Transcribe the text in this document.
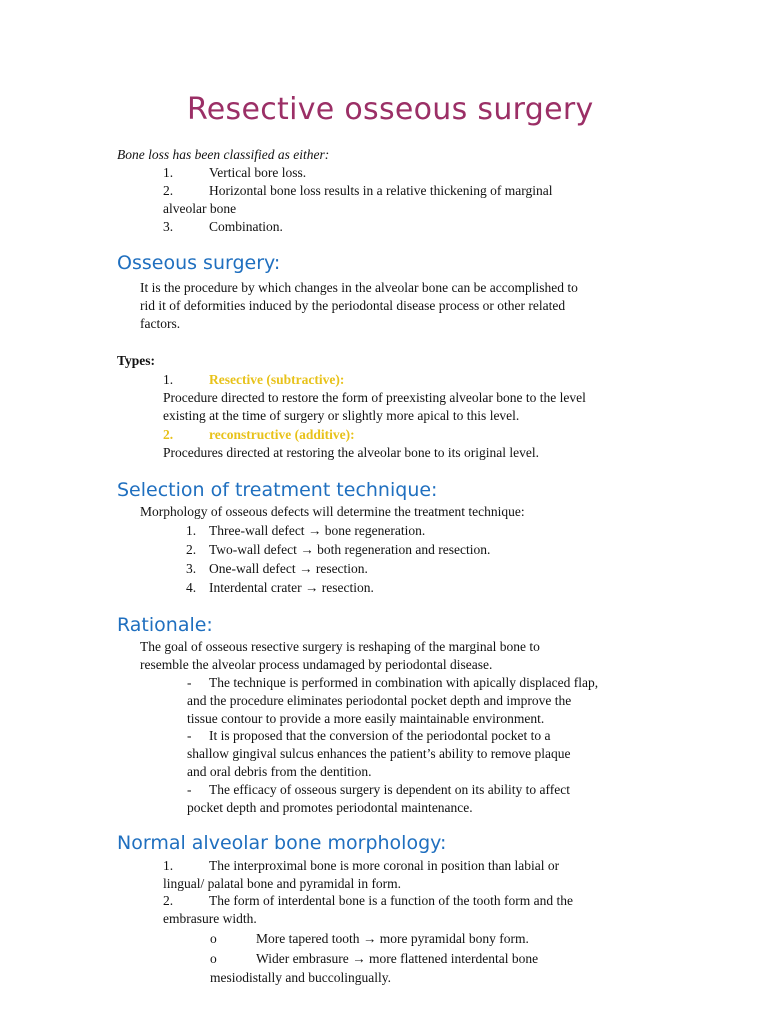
Resective osseous surgery
Bone loss has been classified as either:
1.	Vertical bore loss.
2.	Horizontal bone loss results in a relative thickening of marginal
alveolar bone
3.	Combination.
Osseous surgery:
It is the procedure by which changes in the alveolar bone can be accomplished to
rid it of deformities induced by the periodontal disease process or other related
factors.
Types:
1.	Resective (subtractive):
Procedure directed to restore the form of preexisting alveolar bone to the level
existing at the time of surgery or slightly more apical to this level.
2.	reconstructive (additive):
Procedures directed at restoring the alveolar bone to its original level.
Selection of treatment technique:
Morphology of osseous defects will determine the treatment technique:
1. Three-wall defect → bone regeneration.
2. Two-wall defect → both regeneration and resection.
3. One-wall defect → resection.
4. Interdental crater → resection.
Rationale:
The goal of osseous resective surgery is reshaping of the marginal bone to
resemble the alveolar process undamaged by periodontal disease.
- The technique is performed in combination with apically displaced flap,
and the procedure eliminates periodontal pocket depth and improve the
tissue contour to provide a more easily maintainable environment.
- It is proposed that the conversion of the periodontal pocket to a
shallow gingival sulcus enhances the patient’s ability to remove plaque
and oral debris from the dentition.
- The efficacy of osseous surgery is dependent on its ability to affect
pocket depth and promotes periodontal maintenance.
Normal alveolar bone morphology:
1.	The interproximal bone is more coronal in position than labial or
lingual/ palatal bone and pyramidal in form.
2.	The form of interdental bone is a function of the tooth form and the
embrasure width.
o	More tapered tooth → more pyramidal bony form.
o	Wider embrasure → more flattened interdental bone
mesiodistally and buccolingually.
